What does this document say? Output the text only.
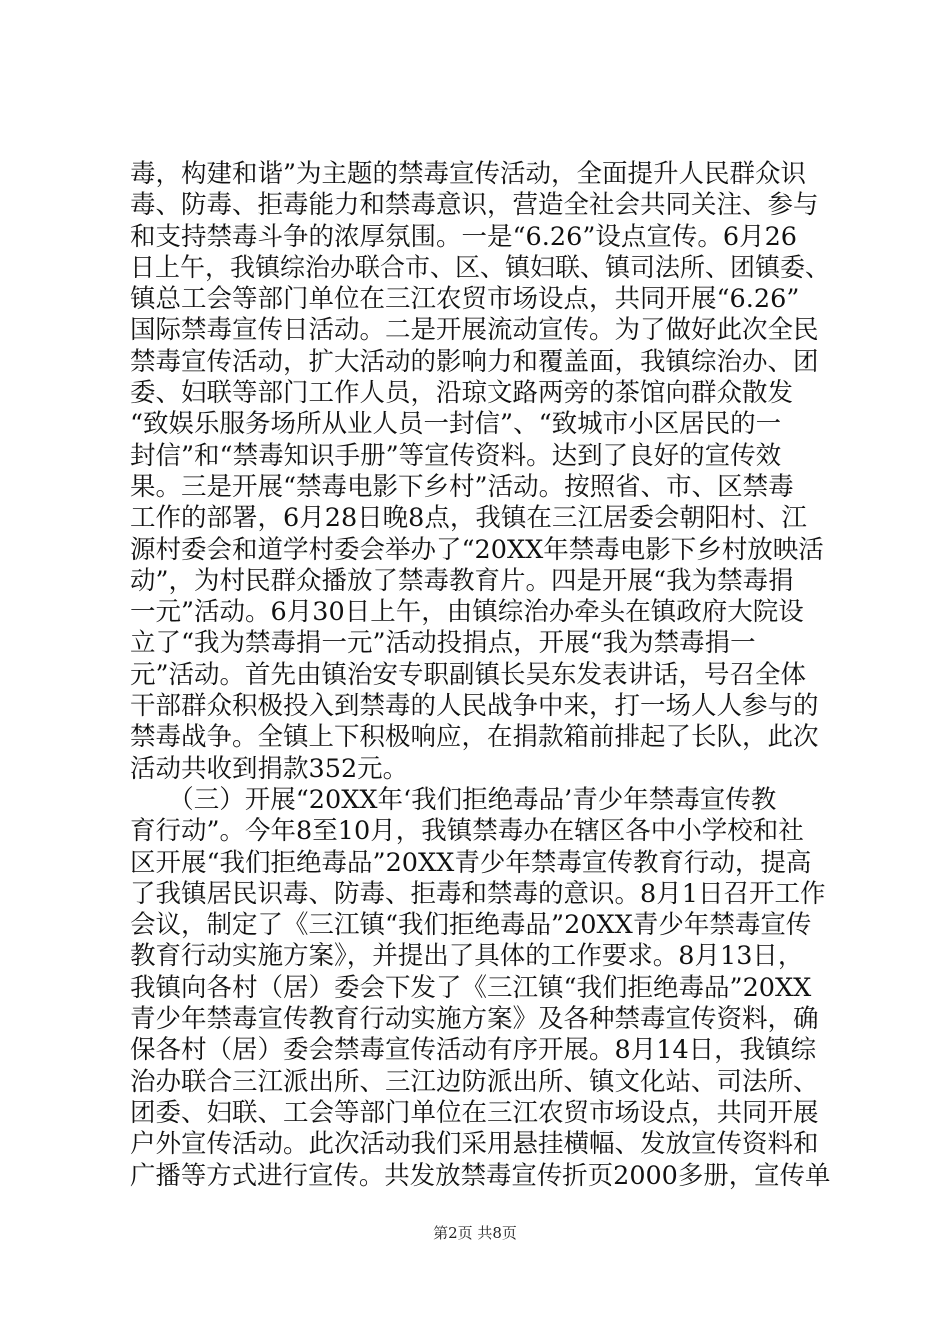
毒，构建和谐”为主题的禁毒宣传活动，全面提升人民群众识
毒、防毒、拒毒能力和禁毒意识，营造全社会共同关注、参与
和支持禁毒斗争的浓厚氛围。一是“6.26”设点宣传。6月26
日上午，我镇综治办联合市、区、镇妇联、镇司法所、团镇委、
镇总工会等部门单位在三江农贸市场设点，共同开展“6.26”
国际禁毒宣传日活动。二是开展流动宣传。为了做好此次全民
禁毒宣传活动，扩大活动的影响力和覆盖面，我镇综治办、团
委、妇联等部门工作人员，沿琼文路两旁的茶馆向群众散发
“致娱乐服务场所从业人员一封信”、“致城市小区居民的一
封信”和“禁毒知识手册”等宣传资料。达到了良好的宣传效
果。三是开展“禁毒电影下乡村”活动。按照省、市、区禁毒
工作的部署，6月28日晚8点，我镇在三江居委会朝阳村、江
源村委会和道学村委会举办了“20XX年禁毒电影下乡村放映活
动”，为村民群众播放了禁毒教育片。四是开展“我为禁毒捐
一元”活动。6月30日上午，由镇综治办牵头在镇政府大院设
立了“我为禁毒捐一元”活动投捐点，开展“我为禁毒捐一
元”活动。首先由镇治安专职副镇长吴东发表讲话，号召全体
干部群众积极投入到禁毒的人民战争中来，打一场人人参与的
禁毒战争。全镇上下积极响应，在捐款箱前排起了长队，此次
活动共收到捐款352元。
　　（三）开展“20XX年‘我们拒绝毒品’青少年禁毒宣传教
育行动”。今年8至10月，我镇禁毒办在辖区各中小学校和社
区开展“我们拒绝毒品”20XX青少年禁毒宣传教育行动，提高
了我镇居民识毒、防毒、拒毒和禁毒的意识。8月1日召开工作
会议，制定了《三江镇“我们拒绝毒品”20XX青少年禁毒宣传
教育行动实施方案》，并提出了具体的工作要求。8月13日，
我镇向各村（居）委会下发了《三江镇“我们拒绝毒品”20XX
青少年禁毒宣传教育行动实施方案》及各种禁毒宣传资料，确
保各村（居）委会禁毒宣传活动有序开展。8月14日，我镇综
治办联合三江派出所、三江边防派出所、镇文化站、司法所、
团委、妇联、工会等部门单位在三江农贸市场设点，共同开展
户外宣传活动。此次活动我们采用悬挂横幅、发放宣传资料和
广播等方式进行宣传。共发放禁毒宣传折页2000多册，宣传单
第2页 共8页
